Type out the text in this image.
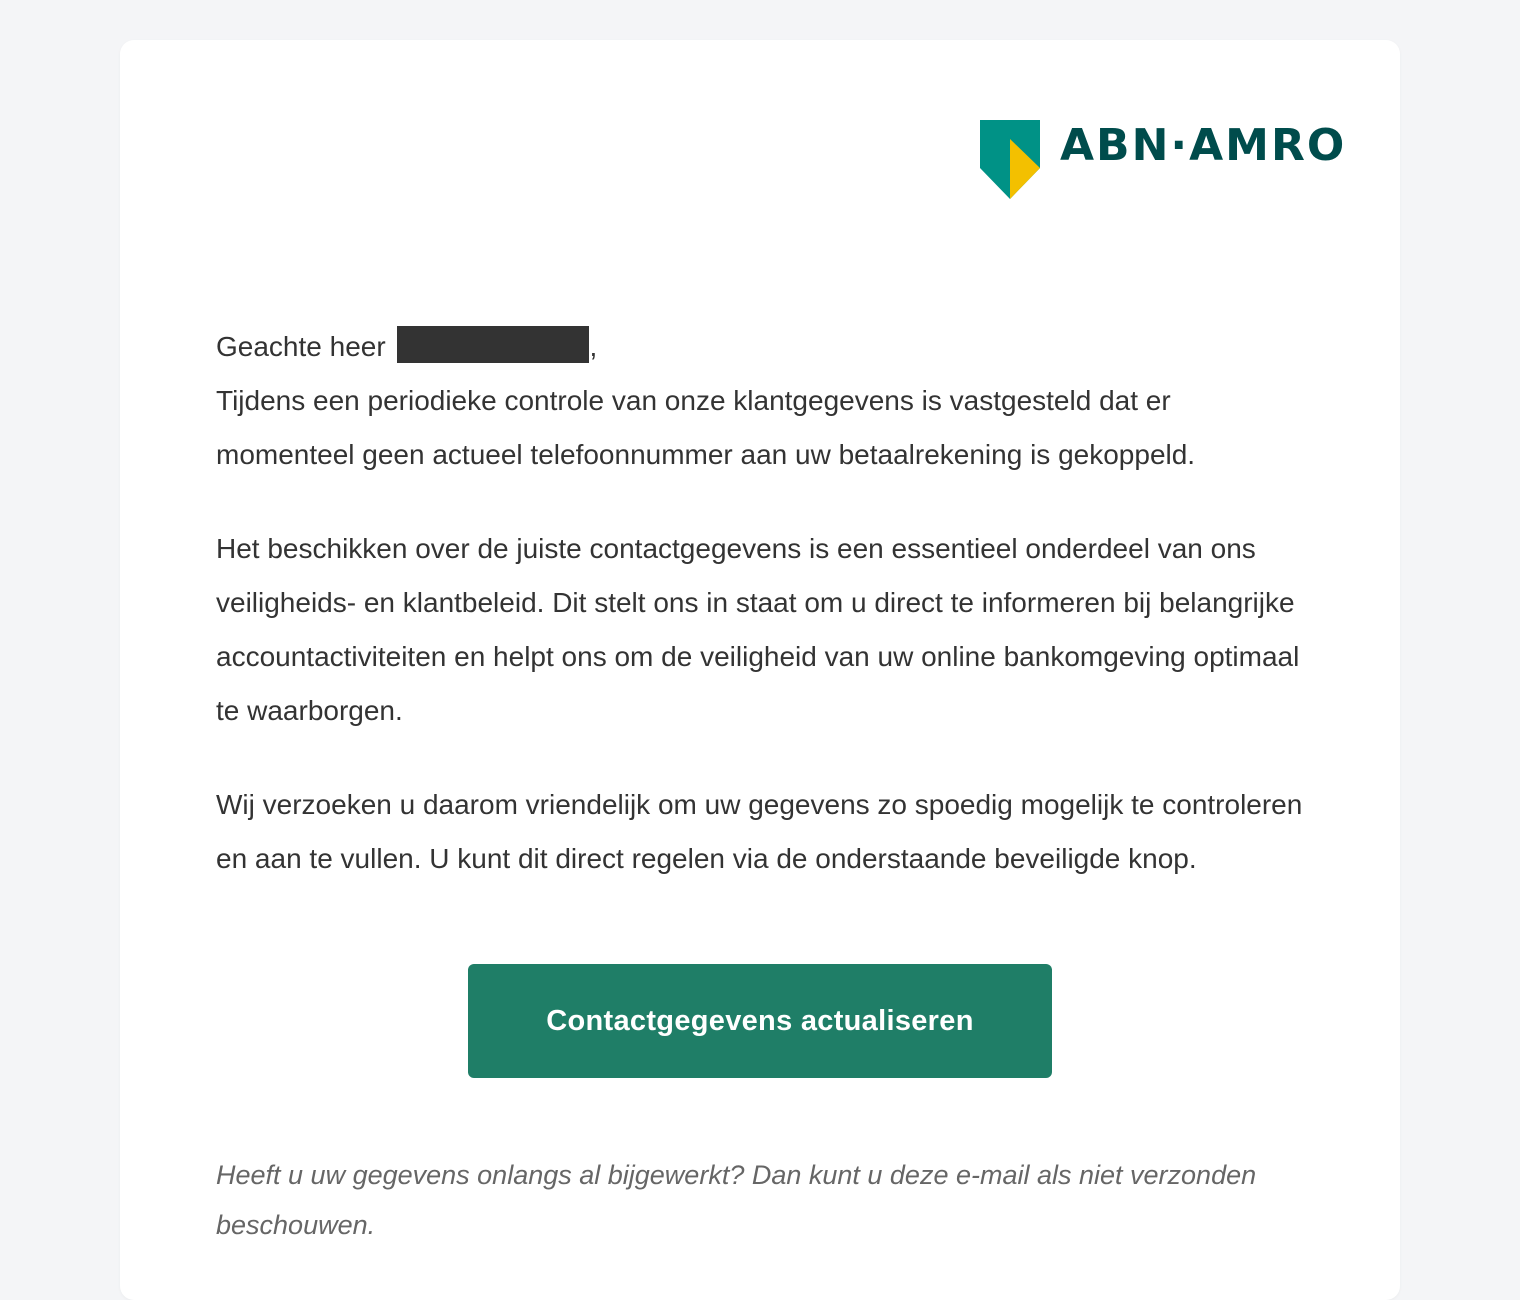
ABN·AMRO
Geachte heer	,

Tijdens een periodieke controle van onze klantgegevens is vastgesteld dat er momenteel geen actueel telefoonnummer aan uw betaalrekening is gekoppeld.

Het beschikken over de juiste contactgegevens is een essentieel onderdeel van ons veiligheids- en klantbeleid. Dit stelt ons in staat om u direct te informeren bij belangrijke accountactiviteiten en helpt ons om de veiligheid van uw online bankomgeving optimaal te waarborgen.

Wij verzoeken u daarom vriendelijk om uw gegevens zo spoedig mogelijk te controleren en aan te vullen. U kunt dit direct regelen via de onderstaande beveiligde knop.

Contactgegevens actualiseren

Heeft u uw gegevens onlangs al bijgewerkt? Dan kunt u deze e-mail als niet verzonden beschouwen.
